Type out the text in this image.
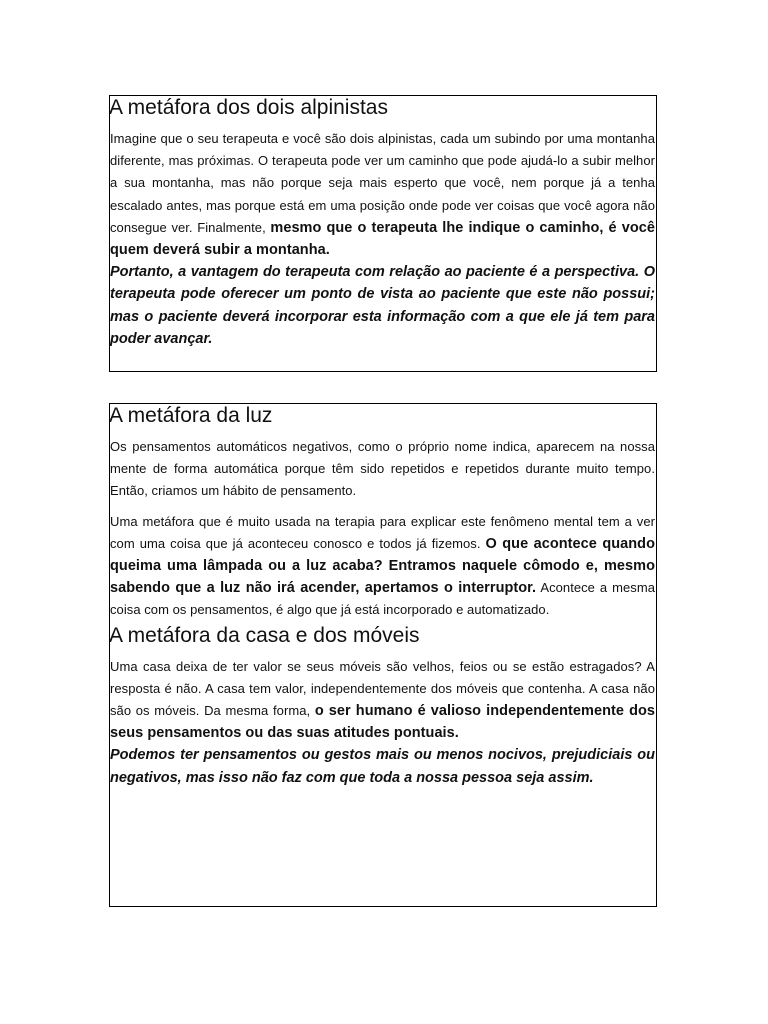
A metáfora dos dois alpinistas

Imagine que o seu terapeuta e você são dois alpinistas, cada um subindo por uma montanha diferente, mas próximas. O terapeuta pode ver um caminho que pode ajudá-lo a subir melhor a sua montanha, mas não porque seja mais esperto que você, nem porque já a tenha escalado antes, mas porque está em uma posição onde pode ver coisas que você agora não consegue ver. Finalmente, mesmo que o terapeuta lhe indique o caminho, é você quem deverá subir a montanha.

Portanto, a vantagem do terapeuta com relação ao paciente é a perspectiva. O terapeuta pode oferecer um ponto de vista ao paciente que este não possui; mas o paciente deverá incorporar esta informação com a que ele já tem para poder avançar.

A metáfora da luz

Os pensamentos automáticos negativos, como o próprio nome indica, aparecem na nossa mente de forma automática porque têm sido repetidos e repetidos durante muito tempo. Então, criamos um hábito de pensamento.

Uma metáfora que é muito usada na terapia para explicar este fenômeno mental tem a ver com uma coisa que já aconteceu conosco e todos já fizemos. O que acontece quando queima uma lâmpada ou a luz acaba? Entramos naquele cômodo e, mesmo sabendo que a luz não irá acender, apertamos o interruptor. Acontece a mesma coisa com os pensamentos, é algo que já está incorporado e automatizado.

A metáfora da casa e dos móveis

Uma casa deixa de ter valor se seus móveis são velhos, feios ou se estão estragados? A resposta é não. A casa tem valor, independentemente dos móveis que contenha. A casa não são os móveis. Da mesma forma, o ser humano é valioso independentemente dos seus pensamentos ou das suas atitudes pontuais.

Podemos ter pensamentos ou gestos mais ou menos nocivos, prejudiciais ou negativos, mas isso não faz com que toda a nossa pessoa seja assim.
